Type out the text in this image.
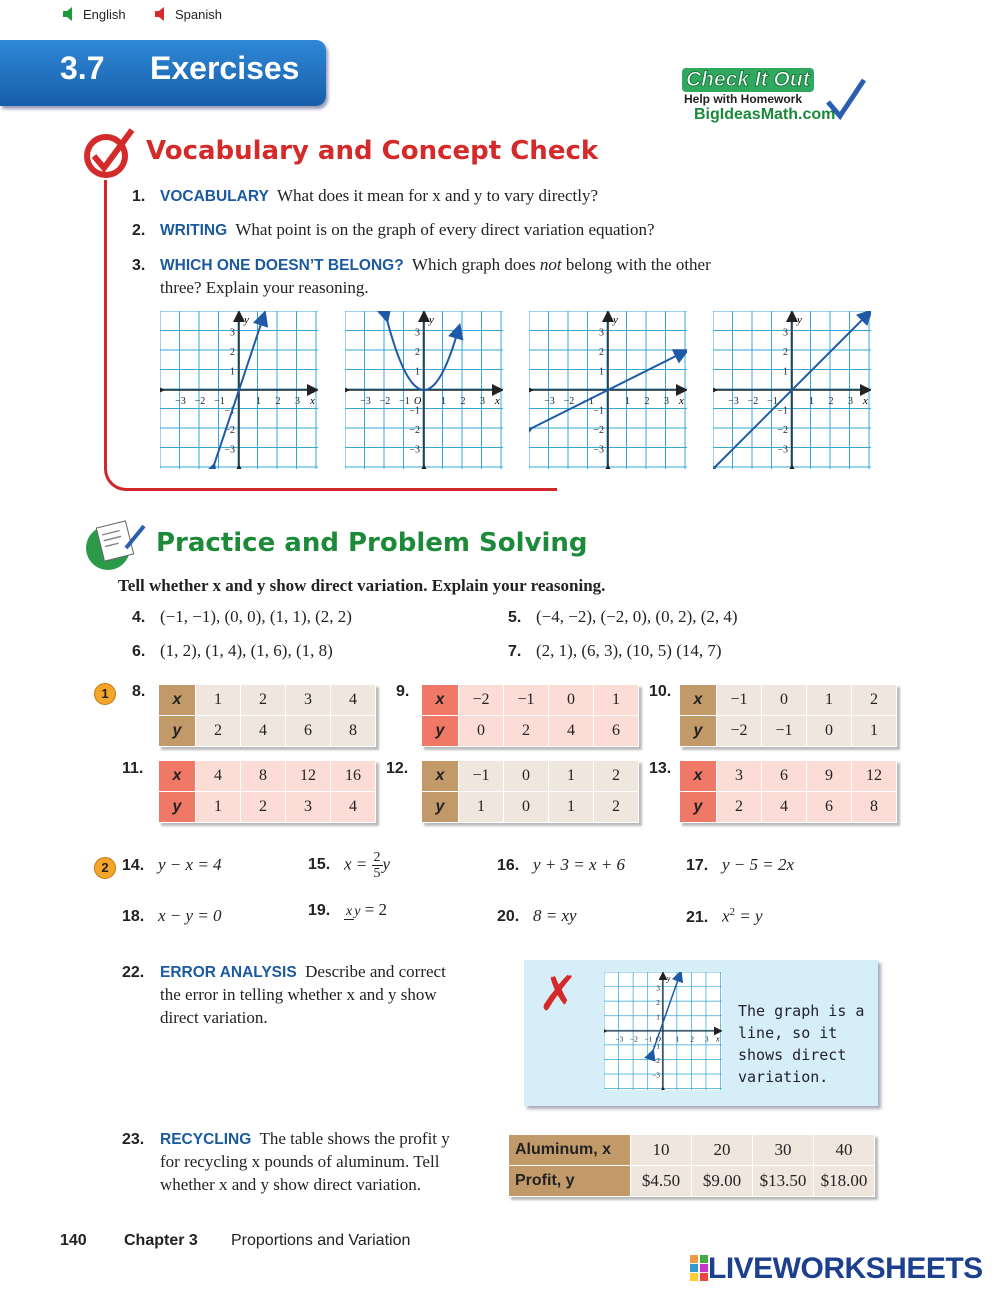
English	Spanish
3.7 Exercises	Check It Out
Help with Homework
BigIdeasMath.com
Vocabulary and Concept Check
1. VOCABULARY What does it mean for x and y to vary directly?
2. WRITING What point is on the graph of every direct variation equation?
3. WHICH ONE DOESN’T BELONG? Which graph does not belong with the other
three? Explain your reasoning.
−3
−3
−2
−2
−1
−1
1
1
2
2
3
3
x
y
−3
−3
−2
−2
−1
−1
1
1
2
2
3
3
x
y
O	−3
−3
−2
−2
−1
−1
1
1
2
2
3
3
x
y
−3
−3
−2
−2
−1
−1
1
1
2
2
3
3
x
y
Practice and Problem Solving
Tell whether x and y show direct variation. Explain your reasoning.
4. (−1, −1), (0, 0), (1, 1), (2, 2)	5. (−4, −2), (−2, 0), (0, 2), (2, 4)
6. (1, 2), (1, 4), (1, 6), (1, 8)	7. (2, 1), (6, 3), (10, 5) (14, 7)
1	8. x	1	2	3	4
y	2	4	6	8
9. x	−2	−1	0	1
y	0	2	4	6
10. x	−1	0	1	2
y	−2	−1	0	1
11. x	4	8	12	16
y	1	2	3	4
12. x	−1	0	1	2
y	1	0	1	2
13. x	3	6	9	12
y	2	4	6	8
2 14. y − x = 4	15. $x = \frac{2}{5}$ y	16. y + 3 = x + 6	17. y − 5 = 2x
18. x − y = 0	19. x y = 2	20. 8 = xy	21. $x^2 = y$
22. ERROR ANALYSIS Describe and correct
the error in telling whether x and y show
direct variation.	✗
−3
−3
−2
−2
−1
−1
1
1
2
2
3
3
x
y
O
The graph is a line, so it shows direct variation.
23. RECYCLING The table shows the profit y
for recycling x pounds of aluminum. Tell
whether x and y show direct variation.
Aluminum, x	10	20	30	40
Profit, y	$4.50	$9.00	$13.50	$18.00
140 Chapter 3 Proportions and Variation
LIVEWORKSHEETS
